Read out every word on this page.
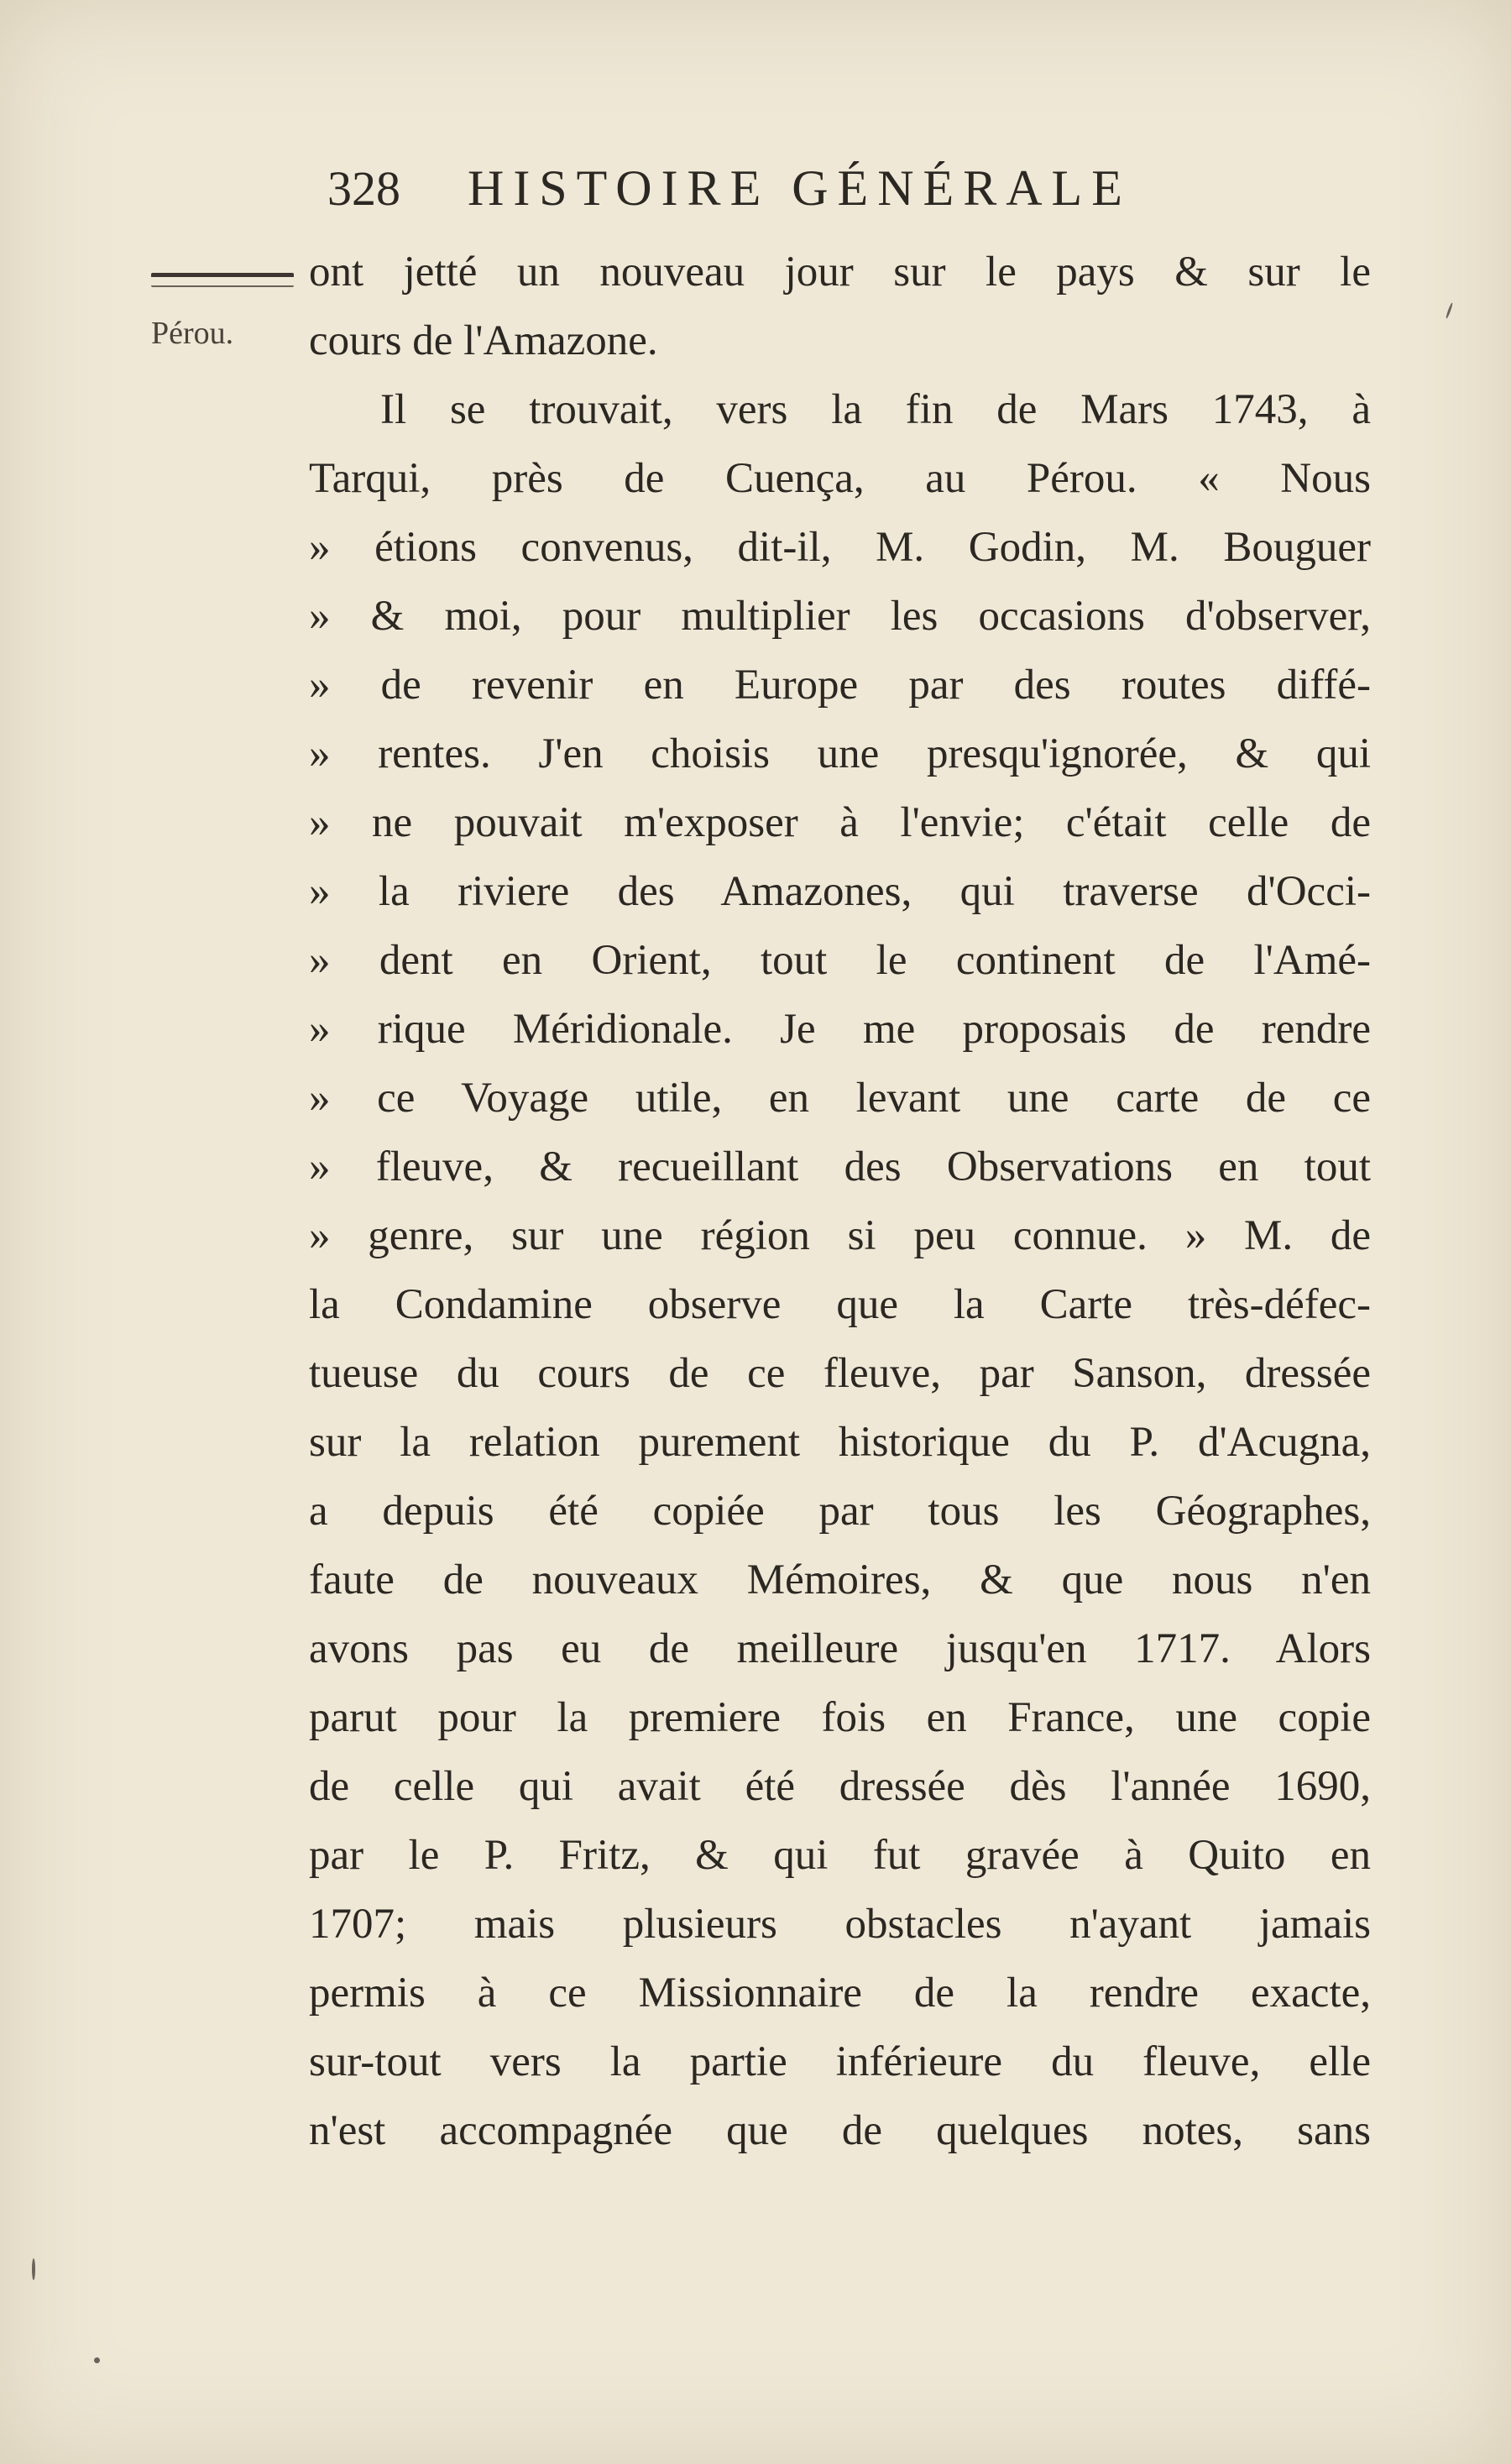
328 HISTOIRE GÉNÉRALE
Pérou.
ont jetté un nouveau jour sur le pays & sur le
cours de l'Amazone.
Il se trouvait, vers la fin de Mars 1743, à
Tarqui, près de Cuença, au Pérou. « Nous
» étions convenus, dit-il, M. Godin, M. Bouguer
» & moi, pour multiplier les occasions d'observer,
» de revenir en Europe par des routes diffé-
» rentes. J'en choisis une presqu'ignorée, & qui
» ne pouvait m'exposer à l'envie; c'était celle de
» la riviere des Amazones, qui traverse d'Occi-
» dent en Orient, tout le continent de l'Amé-
» rique Méridionale. Je me proposais de rendre
» ce Voyage utile, en levant une carte de ce
» fleuve, & recueillant des Observations en tout
» genre, sur une région si peu connue. » M. de
la Condamine observe que la Carte très-défec-
tueuse du cours de ce fleuve, par Sanson, dressée
sur la relation purement historique du P. d'Acugna,
a depuis été copiée par tous les Géographes,
faute de nouveaux Mémoires, & que nous n'en
avons pas eu de meilleure jusqu'en 1717. Alors
parut pour la premiere fois en France, une copie
de celle qui avait été dressée dès l'année 1690,
par le P. Fritz, & qui fut gravée à Quito en
1707; mais plusieurs obstacles n'ayant jamais
permis à ce Missionnaire de la rendre exacte,
sur-tout vers la partie inférieure du fleuve, elle
n'est accompagnée que de quelques notes, sans
